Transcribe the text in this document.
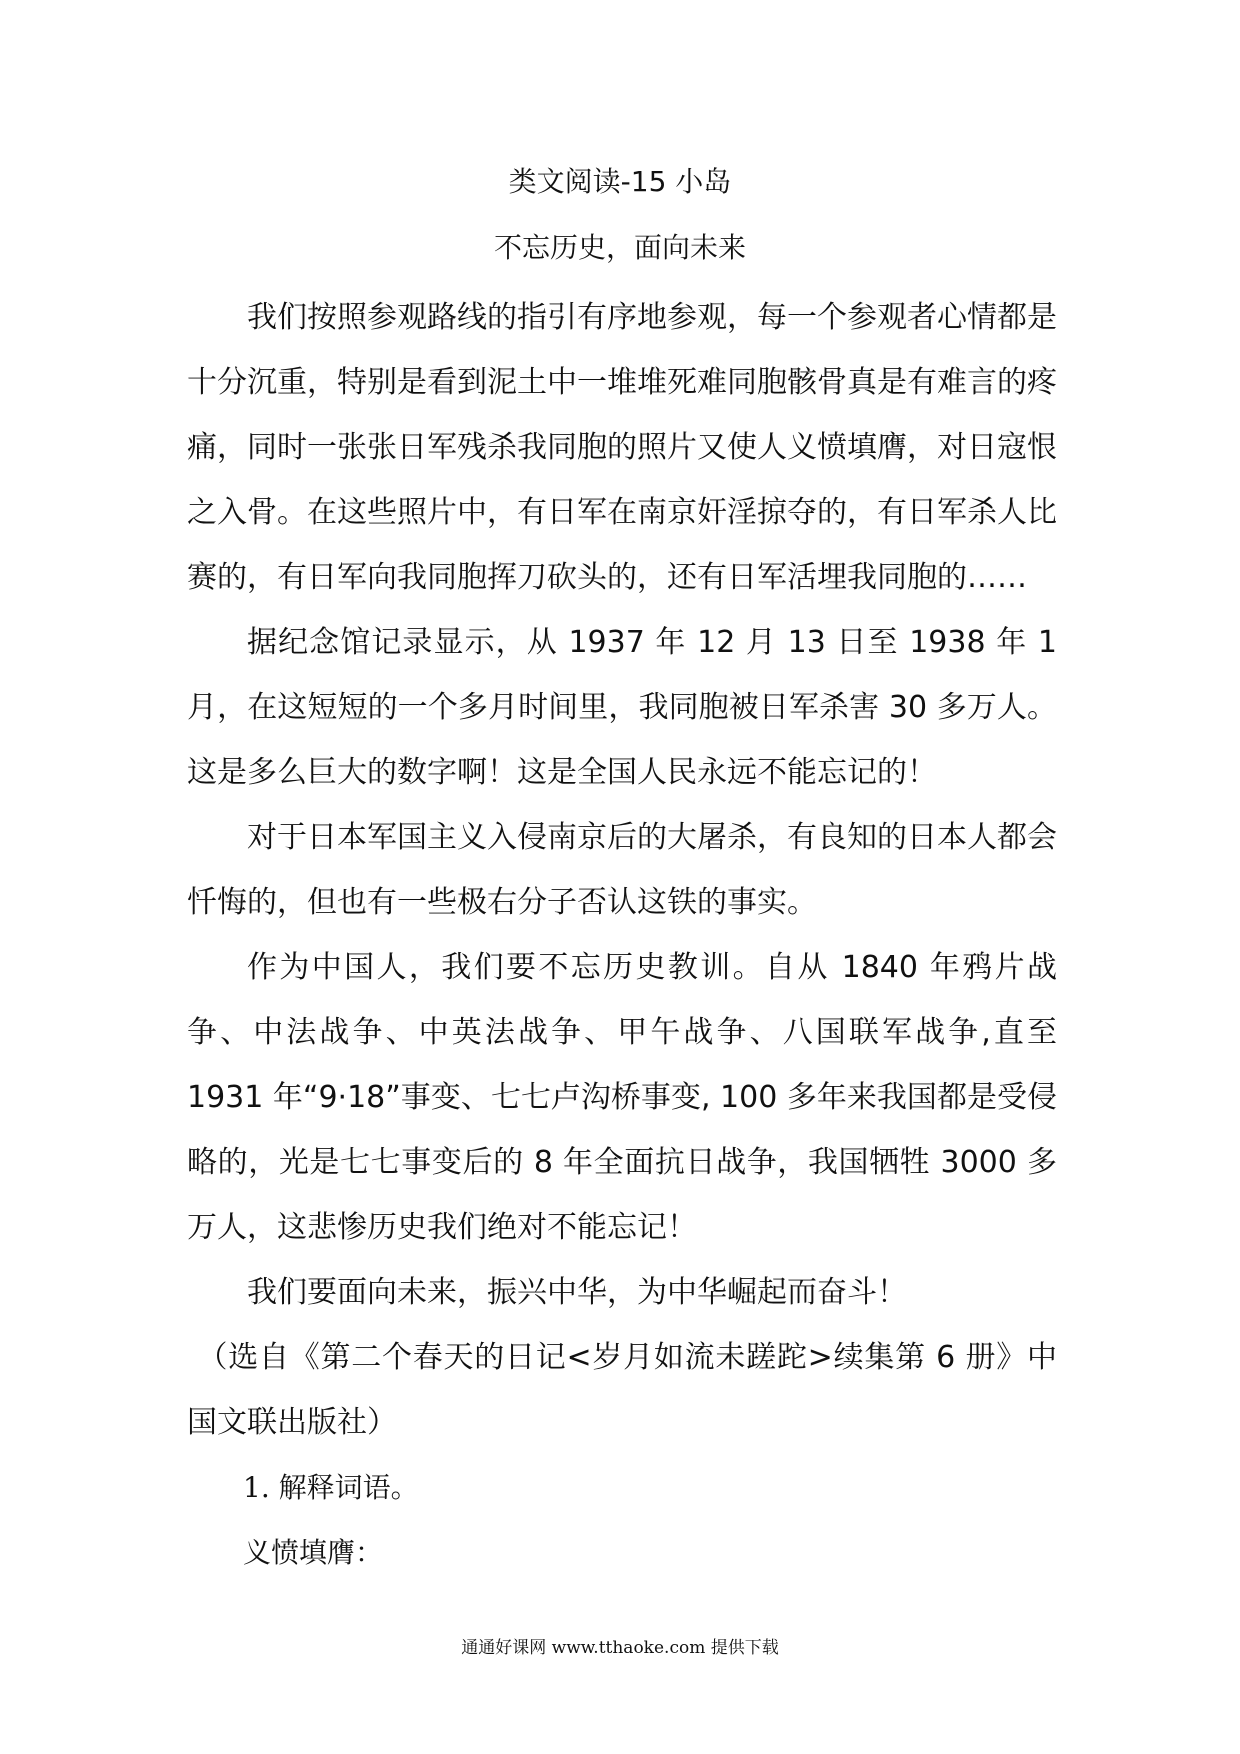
类文阅读-15 小岛
不忘历史，面向未来

我们按照参观路线的指引有序地参观，每一个参观者心情都是十分沉重，特别是看到泥土中一堆堆死难同胞骸骨真是有难言的疼痛，同时一张张日军残杀我同胞的照片又使人义愤填膺，对日寇恨之入骨。在这些照片中，有日军在南京奸淫掠夺的，有日军杀人比赛的，有日军向我同胞挥刀砍头的，还有日军活埋我同胞的……

据纪念馆记录显示，从 1937 年 12 月 13 日至 1938 年 1 月，在这短短的一个多月时间里，我同胞被日军杀害 30 多万人。这是多么巨大的数字啊！这是全国人民永远不能忘记的！

对于日本军国主义入侵南京后的大屠杀，有良知的日本人都会忏悔的，但也有一些极右分子否认这铁的事实。

作为中国人，我们要不忘历史教训。自从 1840 年鸦片战争、中法战争、中英法战争、甲午战争、八国联军战争,直至 1931 年“9·18”事变、七七卢沟桥事变, 100 多年来我国都是受侵略的，光是七七事变后的 8 年全面抗日战争，我国牺牲 3000 多万人，这悲惨历史我们绝对不能忘记！

我们要面向未来，振兴中华，为中华崛起而奋斗！

（选自《第二个春天的日记<岁月如流未蹉跎>续集第 6 册》中国文联出版社）

1. 解释词语。

义愤填膺：

通通好课网 www.tthaoke.com 提供下载
